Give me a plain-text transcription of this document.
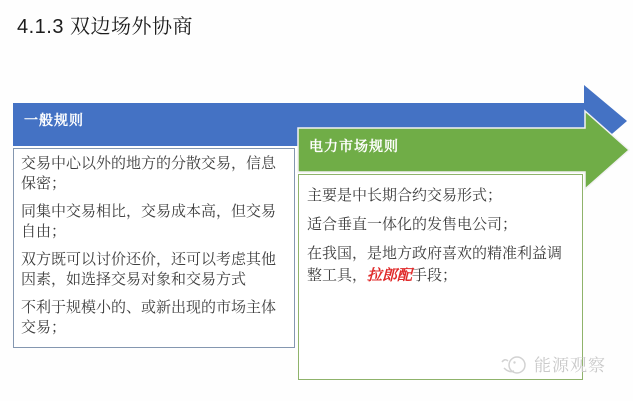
4.1.3 双边场外协商
一般规则
电力市场规则

交易中心以外的地方的分散交易，信息保密；

同集中交易相比，交易成本高，但交易自由；

双方既可以讨价还价，还可以考虑其他因素，如选择交易对象和交易方式

不利于规模小的、或新出现的市场主体交易；

主要是中长期合约交易形式；

适合垂直一体化的发售电公司；

在我国，是地方政府喜欢的精准利益调整工具，拉郎配手段；

能源观察
